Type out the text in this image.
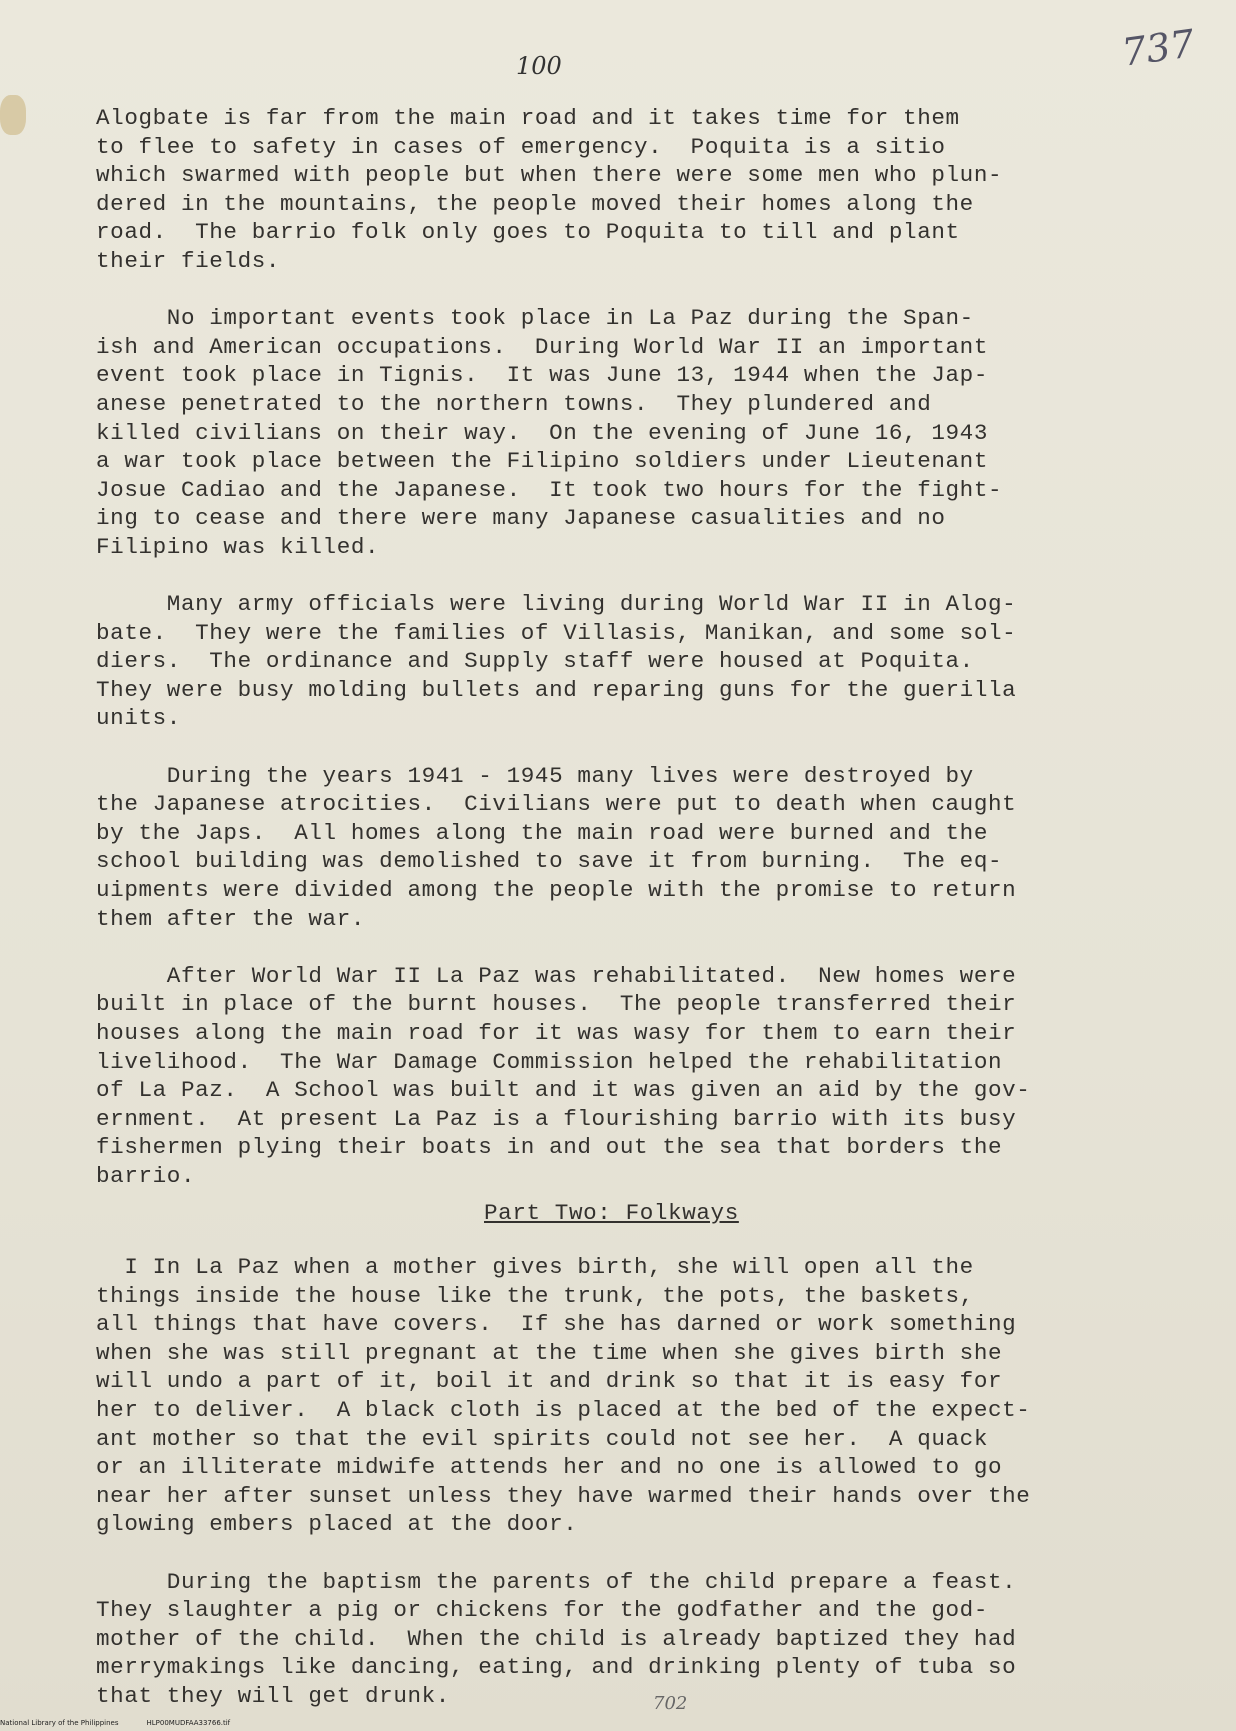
100	737
Alogbate is far from the main road and it takes time for them
to flee to safety in cases of emergency.  Poquita is a sitio
which swarmed with people but when there were some men who plun-
dered in the mountains, the people moved their homes along the
road.  The barrio folk only goes to Poquita to till and plant
their fields.
No important events took place in La Paz during the Span-
ish and American occupations.  During World War II an important
event took place in Tignis.  It was June 13, 1944 when the Jap-
anese penetrated to the northern towns.  They plundered and
killed civilians on their way.  On the evening of June 16, 1943
a war took place between the Filipino soldiers under Lieutenant
Josue Cadiao and the Japanese.  It took two hours for the fight-
ing to cease and there were many Japanese casualities and no
Filipino was killed.
Many army officials were living during World War II in Alog-
bate.  They were the families of Villasis, Manikan, and some sol-
diers.  The ordinance and Supply staff were housed at Poquita.
They were busy molding bullets and reparing guns for the guerilla
units.
During the years 1941 - 1945 many lives were destroyed by
the Japanese atrocities.  Civilians were put to death when caught
by the Japs.  All homes along the main road were burned and the
school building was demolished to save it from burning.  The eq-
uipments were divided among the people with the promise to return
them after the war.
After World War II La Paz was rehabilitated.  New homes were
built in place of the burnt houses.  The people transferred their
houses along the main road for it was wasy for them to earn their
livelihood.  The War Damage Commission helped the rehabilitation
of La Paz.  A School was built and it was given an aid by the gov-
ernment.  At present La Paz is a flourishing barrio with its busy
fishermen plying their boats in and out the sea that borders the
barrio.
Part Two: Folkways
I In La Paz when a mother gives birth, she will open all the
things inside the house like the trunk, the pots, the baskets,
all things that have covers.  If she has darned or work something
when she was still pregnant at the time when she gives birth she
will undo a part of it, boil it and drink so that it is easy for
her to deliver.  A black cloth is placed at the bed of the expect-
ant mother so that the evil spirits could not see her.  A quack
or an illiterate midwife attends her and no one is allowed to go
near her after sunset unless they have warmed their hands over the
glowing embers placed at the door.
During the baptism the parents of the child prepare a feast.
They slaughter a pig or chickens for the godfather and the god-
mother of the child.  When the child is already baptized they had
merrymakings like dancing, eating, and drinking plenty of tuba so
that they will get drunk.	702
National Library of the Philippines	HLP00MUDFAA33766.tif
